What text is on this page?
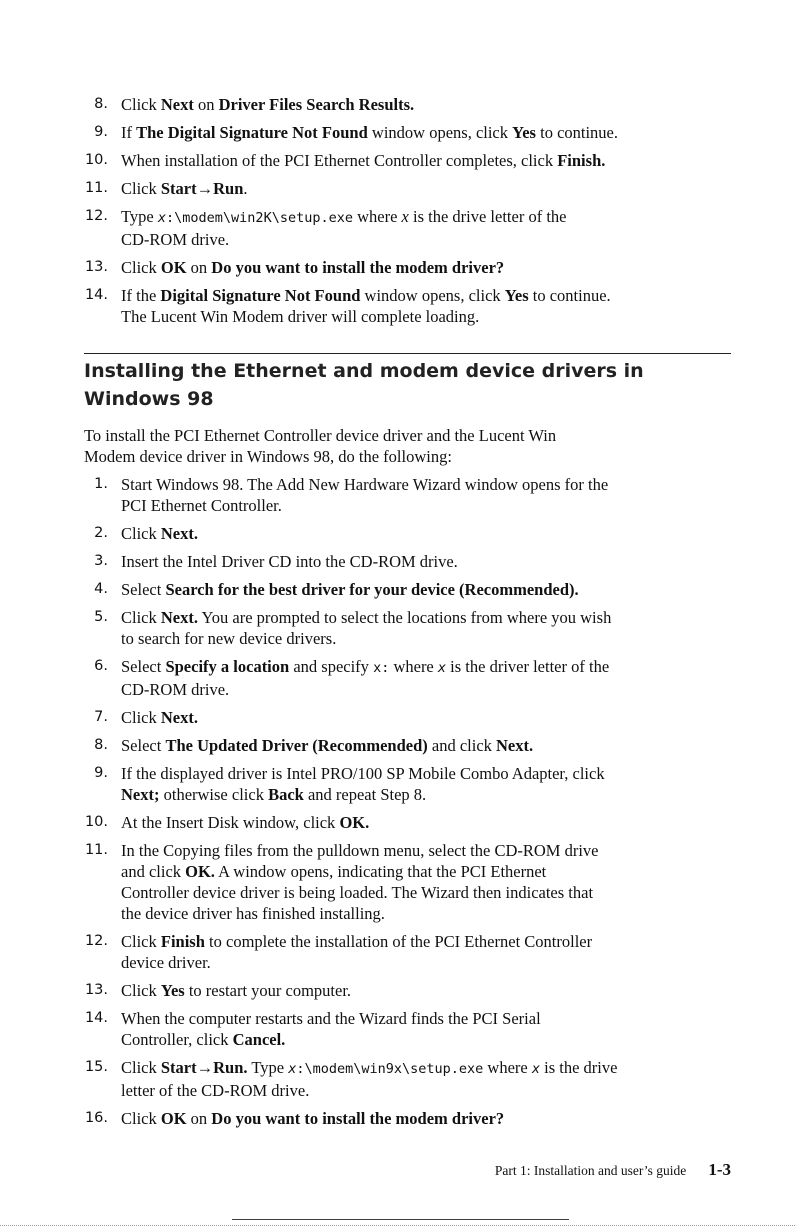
8. Click Next on Driver Files Search Results.
9. If The Digital Signature Not Found window opens, click Yes to continue.
10. When installation of the PCI Ethernet Controller completes, click Finish.
11. Click Start→Run.
12. Type x:\modem\win2K\setup.exe where x is the drive letter of the
CD-ROM drive.
13. Click OK on Do you want to install the modem driver?
14. If the Digital Signature Not Found window opens, click Yes to continue.
The Lucent Win Modem driver will complete loading.
Installing the Ethernet and modem device drivers in
Windows 98
To install the PCI Ethernet Controller device driver and the Lucent Win
Modem device driver in Windows 98, do the following:
1. Start Windows 98. The Add New Hardware Wizard window opens for the
PCI Ethernet Controller.
2. Click Next.
3. Insert the Intel Driver CD into the CD-ROM drive.
4. Select Search for the best driver for your device (Recommended).
5. Click Next. You are prompted to select the locations from where you wish
to search for new device drivers.
6. Select Specify a location and specify x: where x is the driver letter of the
CD-ROM drive.
7. Click Next.
8. Select The Updated Driver (Recommended) and click Next.
9. If the displayed driver is Intel PRO/100 SP Mobile Combo Adapter, click
Next; otherwise click Back and repeat Step 8.
10. At the Insert Disk window, click OK.
11. In the Copying files from the pulldown menu, select the CD-ROM drive
and click OK. A window opens, indicating that the PCI Ethernet
Controller device driver is being loaded. The Wizard then indicates that
the device driver has finished installing.
12. Click Finish to complete the installation of the PCI Ethernet Controller
device driver.
13. Click Yes to restart your computer.
14. When the computer restarts and the Wizard finds the PCI Serial
Controller, click Cancel.
15. Click Start→Run. Type x:\modem\win9x\setup.exe where x is the drive
letter of the CD-ROM drive.
16. Click OK on Do you want to install the modem driver?
Part 1: Installation and user’s guide 1-3
